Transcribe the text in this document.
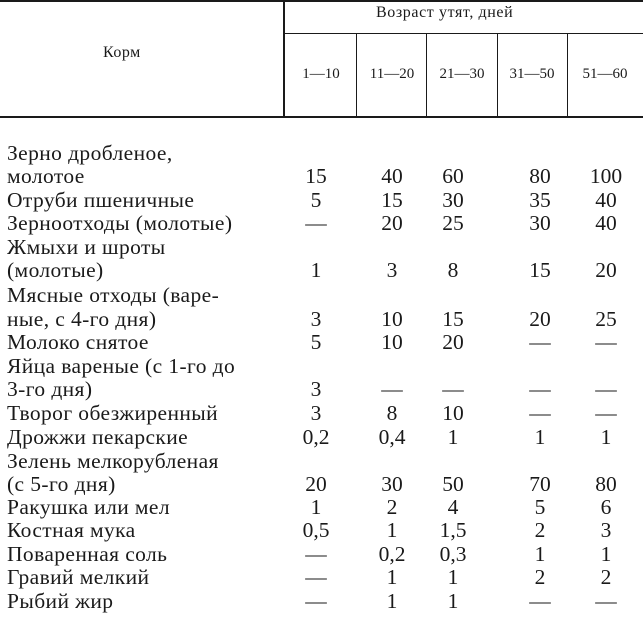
Корм
Возраст утят, дней
1—10	11—20	21—30	31—50	51—60
Зерно дробленое,
молотое	15	40	60	80	100
Отруби пшеничные	5	15	30	35	40
Зерноотходы (молотые)	—	20	25	30	40
Жмыхи и шроты
(молотые)	1	3	8	15	20
Мясные отходы (варе-
ные, с 4-го дня)	3	10	15	20	25
Молоко снятое	5	10	20	—	—
Яйца вареные (с 1-го до
3-го дня)	3	—	—	—	—
Творог обезжиренный	3	8	10	—	—
Дрожжи пекарские	0,2	0,4	1	1	1
Зелень мелкорубленая
(с 5-го дня)	20	30	50	70	80
Ракушка или мел	1	2	4	5	6
Костная мука	0,5	1	1,5	2	3
Поваренная соль	—	0,2	0,3	1	1
Гравий мелкий	—	1	1	2	2
Рыбий жир	—	1	1	—	—
